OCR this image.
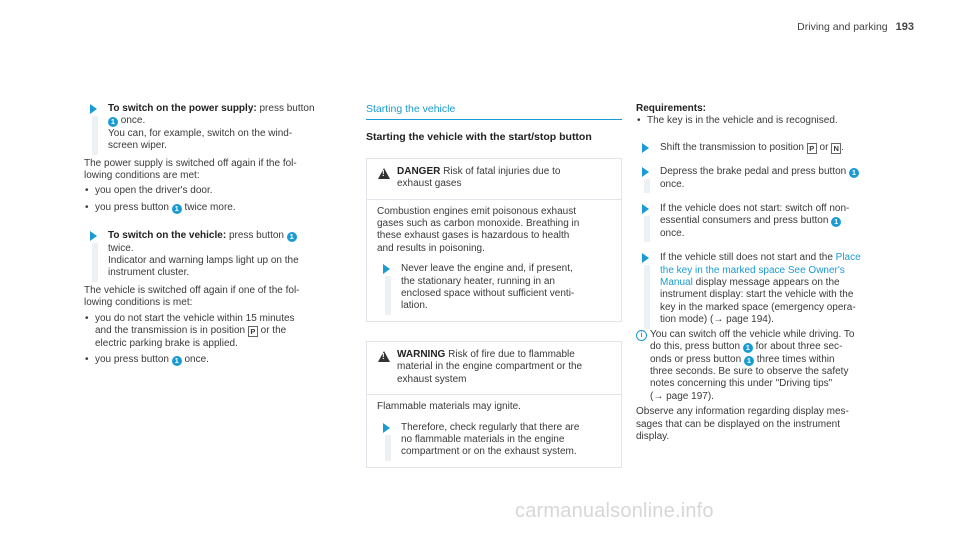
Driving and parking 193
To switch on the power supply: press button
1 once.
You can, for example, switch on the wind-
screen wiper.
The power supply is switched off again if the fol-
lowing conditions are met:
• you open the driver's door.
• you press button 1 twice more.
To switch on the vehicle: press button 1
twice.
Indicator and warning lamps light up on the
instrument cluster.
The vehicle is switched off again if one of the fol-
lowing conditions is met:
• you do not start the vehicle within 15 minutes
and the transmission is in position P or the
electric parking brake is applied.
• you press button 1 once.
Starting the vehicle
Starting the vehicle with the start/stop button
!
DANGER Risk of fatal injuries due to
exhaust gases
Combustion engines emit poisonous exhaust
gases such as carbon monoxide. Breathing in
these exhaust gases is hazardous to health
and results in poisoning.
Never leave the engine and, if present,
the stationary heater, running in an
enclosed space without sufficient venti-
lation.
!
WARNING Risk of fire due to flammable
material in the engine compartment or the
exhaust system
Flammable materials may ignite.
Therefore, check regularly that there are
no flammable materials in the engine
compartment or on the exhaust system.
Requirements:
• The key is in the vehicle and is recognised.
Shift the transmission to position P or N .
Depress the brake pedal and press button 1
once.
If the vehicle does not start: switch off non-
essential consumers and press button 1
once.
If the vehicle still does not start and the Place
the key in the marked space See Owner's
Manual display message appears on the
instrument display: start the vehicle with the
key in the marked space (emergency opera-
tion mode) (→ page 194).
i You can switch off the vehicle while driving. To
do this, press button 1 for about three sec-
onds or press button 1 three times within
three seconds. Be sure to observe the safety
notes concerning this under "Driving tips"
(→ page 197).
Observe any information regarding display mes-
sages that can be displayed on the instrument
display.
carmanualsonline.info
